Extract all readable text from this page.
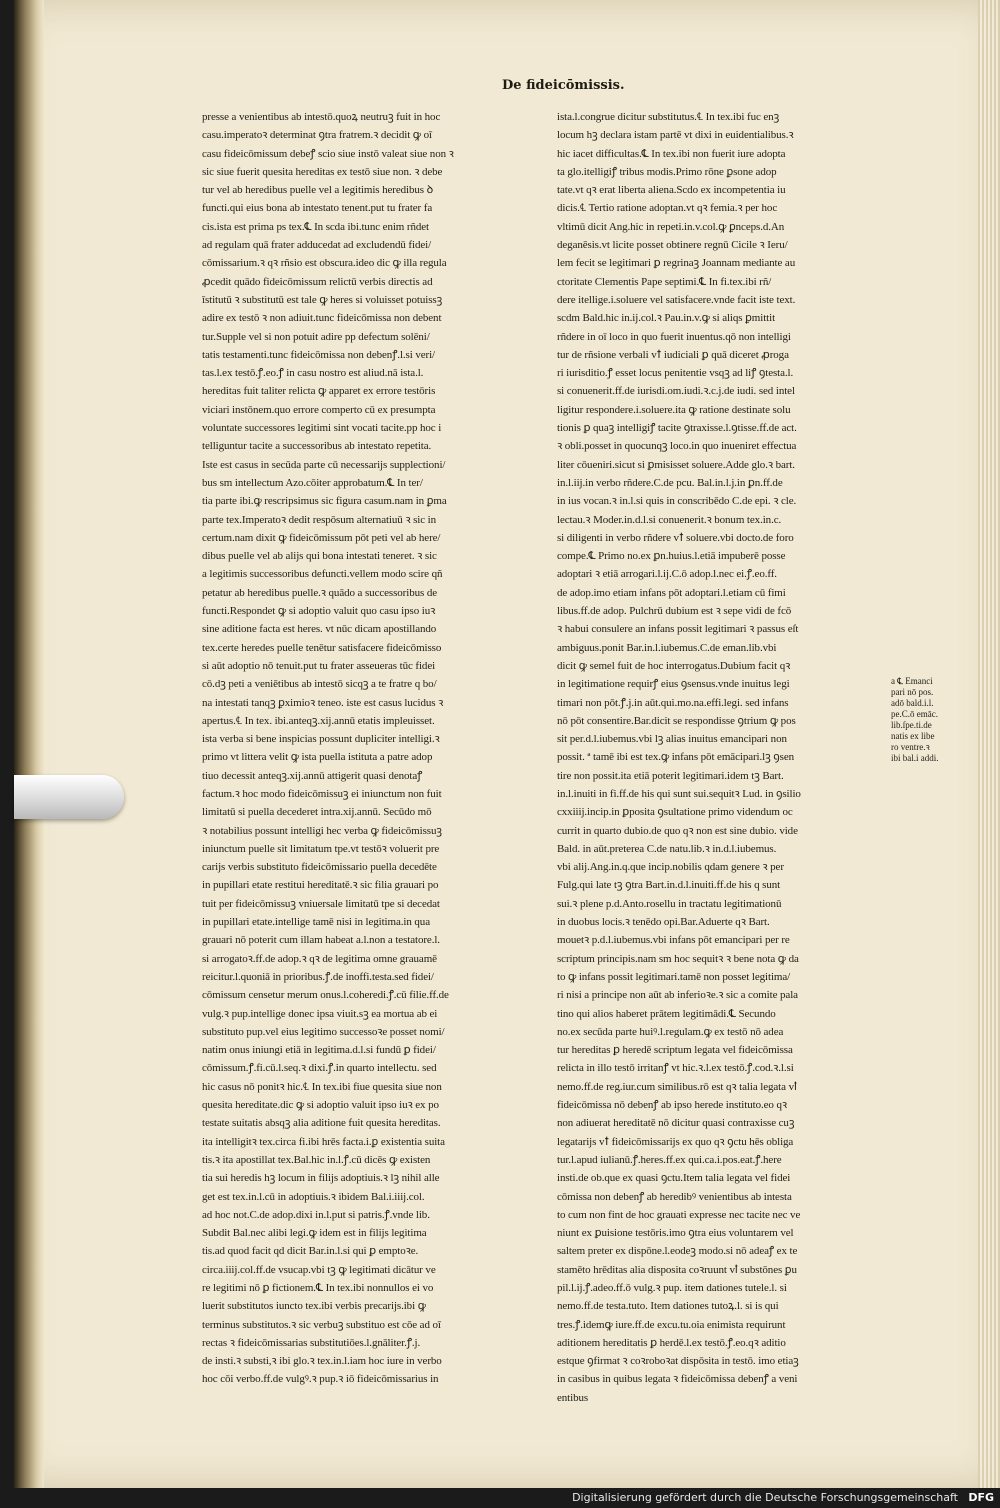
De fideicōmissis.
presse a venientibus ab intestō.quoꝝ neutruꝫ fuit in hoc
casu.imperatoꝛ determinat ꝯtra fratrem.ꝛ decidit ꝙ oī
casu fideicōmissum debeꝭ scio siue instō valeat siue non ꝛ
sic siue fuerit quesita hereditas ex testō siue non. ꝛ debe
tur vel ab heredibus puelle vel a legitimis heredibus ꝺ
functi.qui eius bona ab intestato tenent.put tu frater fa
cis.ista est prima ps tex.℄ In scda ibi.tunc enim rñdet
ad regulam quā frater adducedat ad excludendū fidei/
cōmissarium.ꝛ qꝛ rñsio est obscura.ideo dic ꝙ illa regula
ꝓcedit quādo fideicōmissum relictū verbis directis ad
īstitutū ꝛ substitutū est tale ꝙ heres si voluisset potuissꝫ
adire ex testō ꝛ non adiuit.tunc fideicōmissa non debent
tur.Supple vel si non potuit adire pp defectum solēni/
tatis testamenti.tunc fideicōmissa non debenꝭ.l.si veri/
tas.l.ex testō.ꝭ.eo.ꝭ in casu nostro est aliud.nā ista.l.
hereditas fuit taliter relicta ꝙ apparet ex errore testōris
viciari instōnem.quo errore comperto cū ex presumpta
voluntate successores legitimi sint vocati tacite.pp hoc i
telliguntur tacite a successoribus ab intestato repetita.
Iste est casus in secūda parte cū necessarijs supplectioni/
bus sm intellectum Azo.cōiter approbatum.℄ In ter/
tia parte ibi.ꝙ rescripsimus sic figura casum.nam in ꝑma
parte tex.Imperatoꝛ dedit respōsum alternatiuū ꝛ sic in
certum.nam dixit ꝙ fideicōmissum pōt peti vel ab here/
dibus puelle vel ab alijs qui bona intestati teneret. ꝛ sic
a legitimis successoribus defuncti.vellem modo scire qñ
petatur ab heredibus puelle.ꝛ quādo a successoribus de
functi.Respondet ꝙ si adoptio valuit quo casu ipso iuꝛ
sine aditione facta est heres. vt nūc dicam apostillando
tex.certe heredes puelle tenētur satisfacere fideicōmisso
si aūt adoptio nō tenuit.put tu frater asseueras tūc fidei
cō.dꝫ peti a veniētibus ab intestō sicqꝫ a te fratre q bo/
na intestati tanqꝫ ꝑximioꝛ teneo. iste est casus lucidus ꝛ
apertus.℄ In tex. ibi.anteqꝫ.xij.annū etatis impleuisset.
ista verba si bene inspicias possunt dupliciter intelligi.ꝛ
primo vt littera velit ꝙ ista puella istituta a patre adop
tiuo decessit anteqꝫ.xij.annū attigerit quasi denotaꝭ
factum.ꝛ hoc modo fideicōmissuꝫ ei iniunctum non fuit
limitatū si puella decederet intra.xij.annū. Secūdo mō
ꝛ notabilius possunt intelligi hec verba ꝙ fideicōmissuꝫ
iniunctum puelle sit limitatum tpe.vt testōꝛ voluerit pre
carijs verbis substituto fideicōmissario puella decedēte
in pupillari etate restitui hereditatē.ꝛ sic filia grauari po
tuit per fideicōmissuꝫ vniuersale limitatū tpe si decedat
in pupillari etate.intellige tamē nisi in legitima.in qua
grauari nō poterit cum illam habeat a.l.non a testatore.l.
si arrogatoꝛ.ff.de adop.ꝛ qꝛ de legitima omne grauamē
reicitur.l.quoniā in prioribus.ꝭ.de inoffi.testa.sed fidei/
cōmissum censetur merum onus.l.coheredi.ꝭ.cū filie.ff.de
vulg.ꝛ pup.intellige donec ipsa viuit.sꝫ ea mortua ab ei
substituto pup.vel eius legitimo successoꝛe posset nomi/
natim onus iniungi etiā in legitima.d.l.si fundū ꝑ fidei/
cōmissum.ꝭ.fi.cū.l.seq.ꝛ dixi.ꝭ.in quarto intellectu. sed
hic casus nō ponitꝛ hic.℄ In tex.ibi fiue quesita siue non
quesita hereditate.dic ꝙ si adoptio valuit ipso iuꝛ ex po
testate suitatis absqꝫ alia aditione fuit quesita hereditas.
ita intelligitꝛ tex.circa fi.ibi hrēs facta.i.ꝑ existentia suita
tis.ꝛ ita apostillat tex.Bal.hic in.l.ꝭ.cū dicēs ꝙ existen
tia sui heredis hꝫ locum in filijs adoptiuis.ꝛ lꝫ nihil alle
get est tex.in.l.cū in adoptiuis.ꝛ ibidem Bal.i.iiij.col.
ad hoc not.C.de adop.dixi in.l.put si patris.ꝭ.vnde lib.
Subdit Bal.nec alibi legi.ꝙ idem est in filijs legitima
tis.ad quod facit qd dicit Bar.in.l.si qui ꝑ emptoꝛe.
circa.iiij.col.ff.de vsucap.vbi tꝫ ꝙ legitimati dicātur ve
re legitimi nō ꝑ fictionem.℄ In tex.ibi nonnullos ei vo
luerit substitutos iuncto tex.ibi verbis precarijs.ibi ꝙ
terminus substitutos.ꝛ sic verbuꝫ substituo est cōe ad oī
rectas ꝛ fideicōmissarias substitutiōes.l.gnāliter.ꝭ.j.
de insti.ꝛ substi,ꝛ ibi glo.ꝛ tex.in.l.iam hoc iure in verbo
hoc cōi verbo.ff.de vulgꝰ.ꝛ pup.ꝛ iō fideicōmissarius in
ista.l.congrue dicitur substitutus.℄ In tex.ibi fuc enꝫ
locum hꝫ declara istam partē vt dixi in euidentialibus.ꝛ
hic iacet difficultas.℄ In tex.ibi non fuerit iure adopta
ta glo.itelligiꝭ tribus modis.Primo rōne ꝑsone adop
tate.vt qꝛ erat liberta aliena.Scdo ex incompetentia iu
dicis.℄ Tertio ratione adoptan.vt qꝛ femia.ꝛ per hoc
vltimū dicit Ang.hic in repeti.in.v.col.ꝙ ꝑnceps.d.An
deganēsis.vt licite posset obtinere regnū Cicile ꝛ Ieru/
lem fecit se legitimari ꝑ regrinaꝫ Joannam mediante au
ctoritate Clementis Pape septimi.℄ In fi.tex.ibi rñ/
dere itellige.i.soluere vel satisfacere.vnde facit iste text.
scdm Bald.hic in.ij.col.ꝛ Pau.in.v.ꝙ si aliqs ꝑmittit
rñdere in oī loco in quo fuerit inuentus.qō non intelligi
tur de rñsione verbali vꝉ iudiciali ꝑ quā diceret ꝓroga
ri iurisditio.ꝭ esset locus penitentie vsqꝫ ad liꝭ ꝯtesta.l.
si conuenerit.ff.de iurisdi.om.iudi.ꝛ.c.j.de iudi. sed intel
ligitur respondere.i.soluere.ita ꝙ ratione destinate solu
tionis ꝑ quaꝫ intelligiꝭ tacite ꝯtraxisse.l.ꝯtisse.ff.de act.
ꝛ obli.posset in quocunqꝫ loco.in quo inueniret effectua
liter cōueniri.sicut si ꝑmisisset soluere.Adde glo.ꝛ bart.
in.l.iij.in verbo rñdere.C.de pcu. Bal.in.l.j.in ꝑn.ff.de
in ius vocan.ꝛ in.l.si quis in conscribēdo C.de epi. ꝛ cle.
lectau.ꝛ Moder.in.d.l.si conuenerit.ꝛ bonum tex.in.c.
si diligenti in verbo rñdere vꝉ soluere.vbi docto.de foro
compe.℄ Primo no.ex ꝑn.huius.l.etiā impuberē posse
adoptari ꝛ etiā arrogari.l.ij.C.ō adop.l.nec ei.ꝭ.eo.ff.
de adop.imo etiam infans pōt adoptari.l.etiam cū fimi
libus.ff.de adop. Pulchrū dubium est ꝛ sepe vidi de fcō
ꝛ habui consulere an infans possit legitimari ꝛ passus eſt
ambiguus.ponit Bar.in.l.iubemus.C.de eman.lib.vbi
dicit ꝙ semel fuit de hoc interrogatus.Dubium facit qꝛ
in legitimatione requirꝭ eius ꝯsensus.vnde inuitus legi
timari non pōt.ꝭ.j.in aūt.qui.mo.na.effi.legi. sed infans
nō pōt consentire.Bar.dicit se respondisse ꝯtrium ꝙ pos
sit per.d.l.iubemus.vbi lꝫ alias inuitus emancipari non
possit. ª tamē ibi est tex.ꝙ infans pōt emācipari.lꝫ ꝯsen
tire non possit.ita etiā poterit legitimari.idem tꝫ Bart.
in.l.inuiti in fi.ff.de his qui sunt sui.sequitꝛ Lud. in ꝯsilio
cxxiiij.incip.in ꝑposita ꝯsultatione primo videndum oc
currit in quarto dubio.de quo qꝛ non est sine dubio. vide
Bald. in aūt.preterea C.de natu.lib.ꝛ in.d.l.iubemus.
vbi alij.Ang.in.q.que incip.nobilis qdam genere ꝛ per
Fulg.qui late tꝫ ꝯtra Bart.in.d.l.inuiti.ff.de his q sunt
sui.ꝛ plene p.d.Anto.rosellu in tractatu legitimationū
in duobus locis.ꝛ tenēdo opi.Bar.Aduerte qꝛ Bart.
mouetꝛ p.d.l.iubemus.vbi infans pōt emancipari per re
scriptum principis.nam sm hoc sequitꝛ ꝛ bene nota ꝙ da
to ꝙ infans possit legitimari.tamē non posset legitima/
ri nisi a principe non aūt ab inferioꝛe.ꝛ sic a comite pala
tino qui alios haberet prātem legitimādi.℄ Secundo
no.ex secūda parte huiꝰ.l.regulam.ꝙ ex testō nō adea
tur hereditas ꝑ heredē scriptum legata vel fideicōmissa
relicta in illo testō irritanꝭ vt hic.ꝛ.l.ex testō.ꝭ.cod.ꝛ.l.si
nemo.ff.de reg.iur.cum similibus.rō est qꝛ talia legata vꝉ
fideicōmissa nō debenꝭ ab ipso herede instituto.eo qꝛ
non adiuerat hereditatē nō dicitur quasi contraxisse cuꝫ
legatarijs vꝉ fideicōmissarijs ex quo qꝛ ꝯctu hēs obliga
tur.l.apud iulianū.ꝭ.heres.ff.ex qui.ca.i.pos.eat.ꝭ.here
insti.de ob.que ex quasi ꝯctu.Item talia legata vel fidei
cōmissa non debenꝭ ab heredibꝰ venientibus ab intesta
to cum non fint de hoc grauati expresse nec tacite nec ve
niunt ex ꝑuisione testōris.imo ꝯtra eius voluntarem vel
saltem preter ex dispōne.l.eodeꝫ modo.si nō adeaꝭ ex te
stamēto hrēditas alia disposita coꝛruunt vꝉ substōnes ꝑu
pil.l.ij.ꝭ.adeo.ff.ō vulg.ꝛ pup. item dationes tutele.l. si
nemo.ff.de testa.tuto. Item dationes tutoꝝ.l. si is qui
tres.ꝭ.idemꝙ iure.ff.de excu.tu.oia enimista requirunt
aditionem hereditatis ꝑ herdē.l.ex testō.ꝭ.eo.qꝛ aditio
estque ꝯfirmat ꝛ coꝛroboꝛat dispōsita in testō. imo etiaꝫ
in casibus in quibus legata ꝛ fideicōmissa debenꝭ a veni
entibus
a ℄ Emanci
pari nō pos.
adō bald.i.l.
pe.C.ō emāc.
lib.ſpe.ti.de
natis ex libe
ro ventre.ꝛ
ibi bal.i addi.
Digitalisierung gefördert durch die Deutsche Forschungsgemeinschaft DFG
